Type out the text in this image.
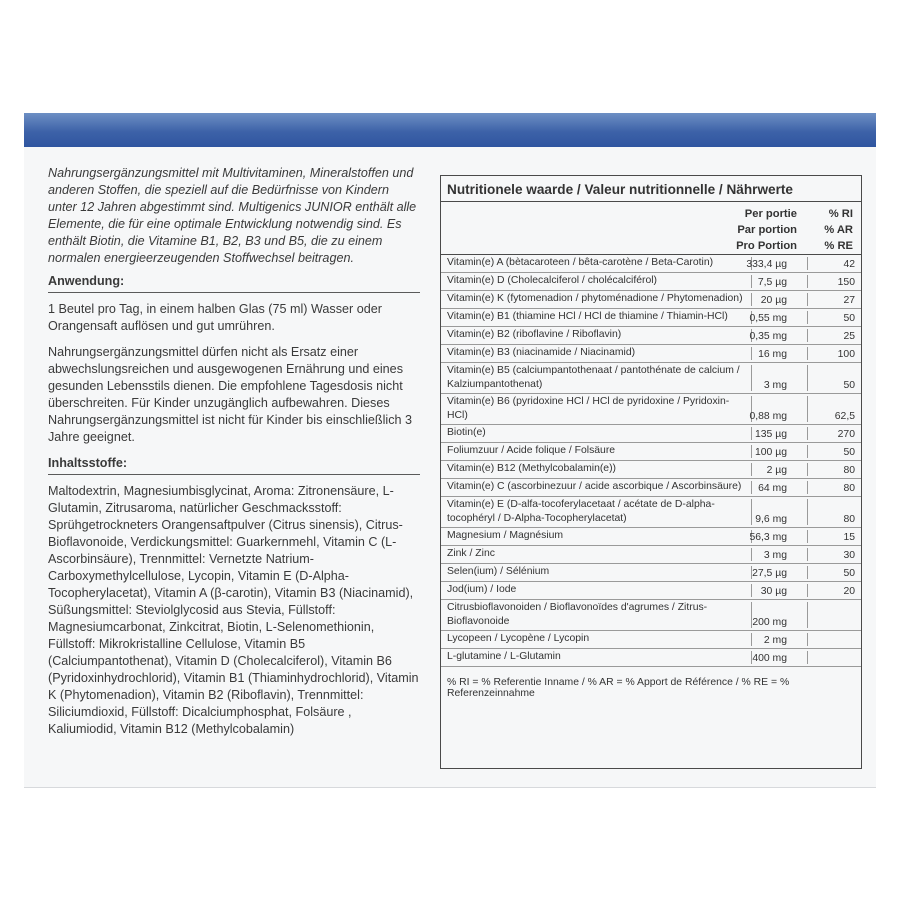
Nahrungsergänzungsmittel mit Multivitaminen, Mineralstoffen und anderen Stoffen, die speziell auf die Bedürfnisse von Kindern unter 12 Jahren abgestimmt sind. Multigenics JUNIOR enthält alle Elemente, die für eine optimale Entwicklung notwendig sind. Es enthält Biotin, die Vitamine B1, B2, B3 und B5, die zu einem normalen energieerzeugenden Stoffwechsel beitragen.

Anwendung:

1 Beutel pro Tag, in einem halben Glas (75 ml) Wasser oder Orangensaft auflösen und gut umrühren.

Nahrungsergänzungsmittel dürfen nicht als Ersatz einer abwechslungsreichen und ausgewogenen Ernährung und eines gesunden Lebensstils dienen. Die empfohlene Tagesdosis nicht überschreiten. Für Kinder unzugänglich aufbewahren. Dieses Nahrungsergänzungsmittel ist nicht für Kinder bis einschließlich 3 Jahre geeignet.

Inhaltsstoffe:

Maltodextrin, Magnesiumbisglycinat, Aroma: Zitronensäure, L-Glutamin, Zitrusaroma, natürlicher Geschmacksstoff: Sprühgetrockneters Orangensaftpulver (Citrus sinensis), Citrus-Bioflavonoide, Verdickungsmittel: Guarkernmehl, Vitamin C (L-Ascorbinsäure), Trennmittel: Vernetzte Natrium-Carboxymethylcellulose, Lycopin, Vitamin E (D-Alpha-Tocopherylacetat), Vitamin A (β-carotin), Vitamin B3 (Niacinamid), Süßungsmittel: Steviolglycosid aus Stevia, Füllstoff: Magnesiumcarbonat, Zinkcitrat, Biotin, L-Selenomethionin, Füllstoff: Mikrokristalline Cellulose, Vitamin B5 (Calciumpantothenat), Vitamin D (Cholecalciferol), Vitamin B6 (Pyridoxinhydrochlorid), Vitamin B1 (Thiaminhydrochlorid), Vitamin K (Phytomenadion), Vitamin B2 (Riboflavin), Trennmittel: Siliciumdioxid, Füllstoff: Dicalciumphosphat, Folsäure , Kaliumiodid, Vitamin B12 (Methylcobalamin)

Nutritionele waarde / Valeur nutritionnelle / Nährwerte
Per portie
Par portion
Pro Portion
% RI
% AR
% RE
Vitamin(e) A (bètacaroteen / bêta-carotène / Beta-Carotin)	333,4 µg	42
Vitamin(e) D (Cholecalciferol / cholécalciférol)	7,5 µg	150
Vitamin(e) K (fytomenadion / phytoménadione / Phytomenadion)	20 µg	27
Vitamin(e) B1 (thiamine HCl / HCl de thiamine / Thiamin-HCl)	0,55 mg	50
Vitamin(e) B2 (riboflavine / Riboflavin)	0,35 mg	25
Vitamin(e) B3 (niacinamide / Niacinamid)	16 mg	100
Vitamin(e) B5 (calciumpantothenaat / pantothénate de calcium / Kalziumpantothenat)	3 mg	50
Vitamin(e) B6 (pyridoxine HCl / HCl de pyridoxine / Pyridoxin-HCl)	0,88 mg	62,5
Biotin(e)	135 µg	270
Foliumzuur / Acide folique / Folsäure	100 µg	50
Vitamin(e) B12 (Methylcobalamin(e))	2 µg	80
Vitamin(e) C (ascorbinezuur / acide ascorbique / Ascorbinsäure)	64 mg	80
Vitamin(e) E (D-alfa-tocoferylacetaat / acétate de D-alpha-tocophéryl / D-Alpha-Tocopherylacetat)	9,6 mg	80
Magnesium / Magnésium	56,3 mg	15
Zink / Zinc	3 mg	30
Selen(ium) / Sélénium	27,5 µg	50
Jod(ium) / Iode	30 µg	20
Citrusbioflavonoiden / Bioflavonoïdes d'agrumes / Zitrus-Bioflavonoide	200 mg
Lycopeen / Lycopène / Lycopin	2 mg
L-glutamine / L-Glutamin	400 mg
% RI = % Referentie Inname / % AR = % Apport de Référence / % RE = % Referenzeinnahme
